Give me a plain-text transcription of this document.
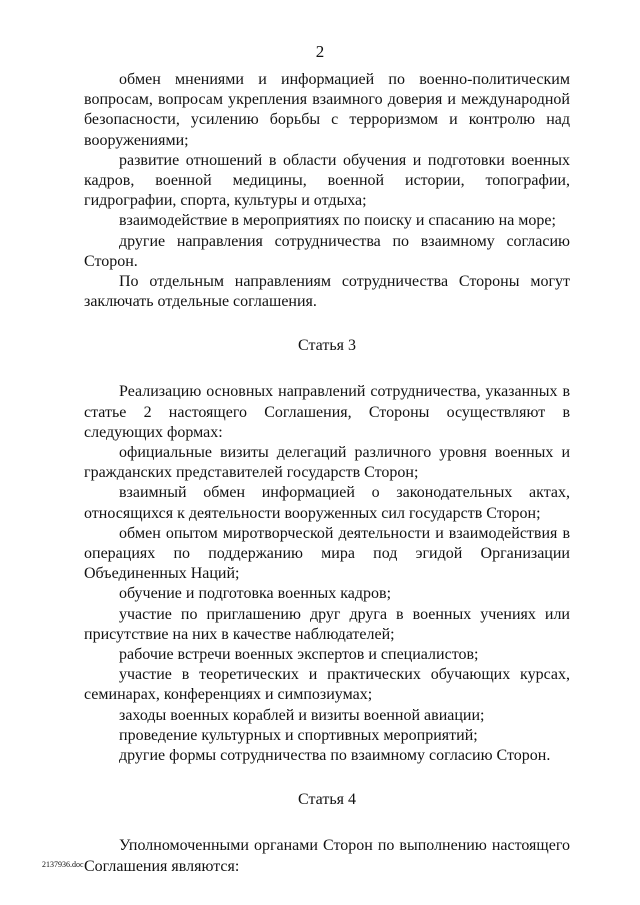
2

обмен мнениями и информацией по военно-политическим вопросам, вопросам укрепления взаимного доверия и международной безопасности, усилению борьбы с терроризмом и контролю над вооружениями;

развитие отношений в области обучения и подготовки военных кадров, военной медицины, военной истории, топографии, гидрографии, спорта, культуры и отдыха;

взаимодействие в мероприятиях по поиску и спасанию на море;

другие направления сотрудничества по взаимному согласию Сторон.

По отдельным направлениям сотрудничества Стороны могут заключать отдельные соглашения.

Статья 3

Реализацию основных направлений сотрудничества, указанных в статье 2 настоящего Соглашения, Стороны осуществляют в следующих формах:

официальные визиты делегаций различного уровня военных и гражданских представителей государств Сторон;

взаимный обмен информацией о законодательных актах, относящихся к деятельности вооруженных сил государств Сторон;

обмен опытом миротворческой деятельности и взаимодействия в операциях по поддержанию мира под эгидой Организации Объединенных Наций;

обучение и подготовка военных кадров;

участие по приглашению друг друга в военных учениях или присутствие на них в качестве наблюдателей;

рабочие встречи военных экспертов и специалистов;

участие в теоретических и практических обучающих курсах, семинарах, конференциях и симпозиумах;

заходы военных кораблей и визиты военной авиации;

проведение культурных и спортивных мероприятий;

другие формы сотрудничества по взаимному согласию Сторон.

Статья 4

Уполномоченными органами Сторон по выполнению настоящего Соглашения являются:

2137936.doc
